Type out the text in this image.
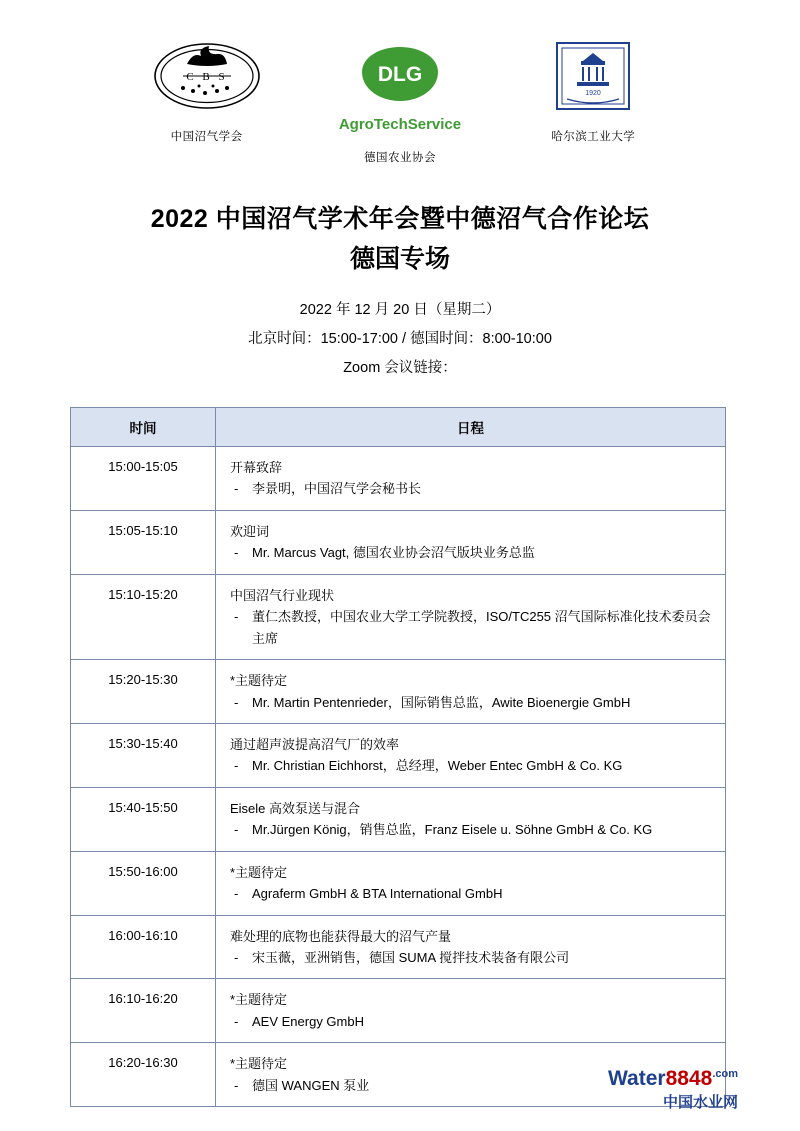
C B S
中国沼气学会
DLG
AgroTechService
德国农业协会
1920
哈尔滨工业大学
2022 中国沼气学术年会暨中德沼气合作论坛
德国专场
2022 年 12 月 20 日（星期二）
北京时间：15:00-17:00 / 德国时间：8:00-10:00
Zoom 会议链接：
时间	日程
15:00-15:05	开幕致辞
- 李景明，中国沼气学会秘书长

15:05-15:10	欢迎词
- Mr. Marcus Vagt, 德国农业协会沼气版块业务总监

15:10-15:20	中国沼气行业现状
- 董仁杰教授，中国农业大学工学院教授，ISO/TC255 沼气国际标准化技术委员会主席

15:20-15:30	*主题待定
- Mr. Martin Pentenrieder，国际销售总监，Awite Bioenergie GmbH

15:30-15:40	通过超声波提高沼气厂的效率
- Mr. Christian Eichhorst，总经理，Weber Entec GmbH & Co. KG

15:40-15:50	Eisele 高效泵送与混合
- Mr.Jürgen König，销售总监，Franz Eisele u. Söhne GmbH & Co. KG

15:50-16:00	*主题待定
- Agraferm GmbH & BTA International GmbH

16:00-16:10	难处理的底物也能获得最大的沼气产量
- 宋玉薇，亚洲销售，德国 SUMA 搅拌技术装备有限公司

16:10-16:20	*主题待定
- AEV Energy GmbH

16:20-16:30	*主题待定
- 德国 WANGEN 泵业	$Water8848^{.com}$
中国水业网
